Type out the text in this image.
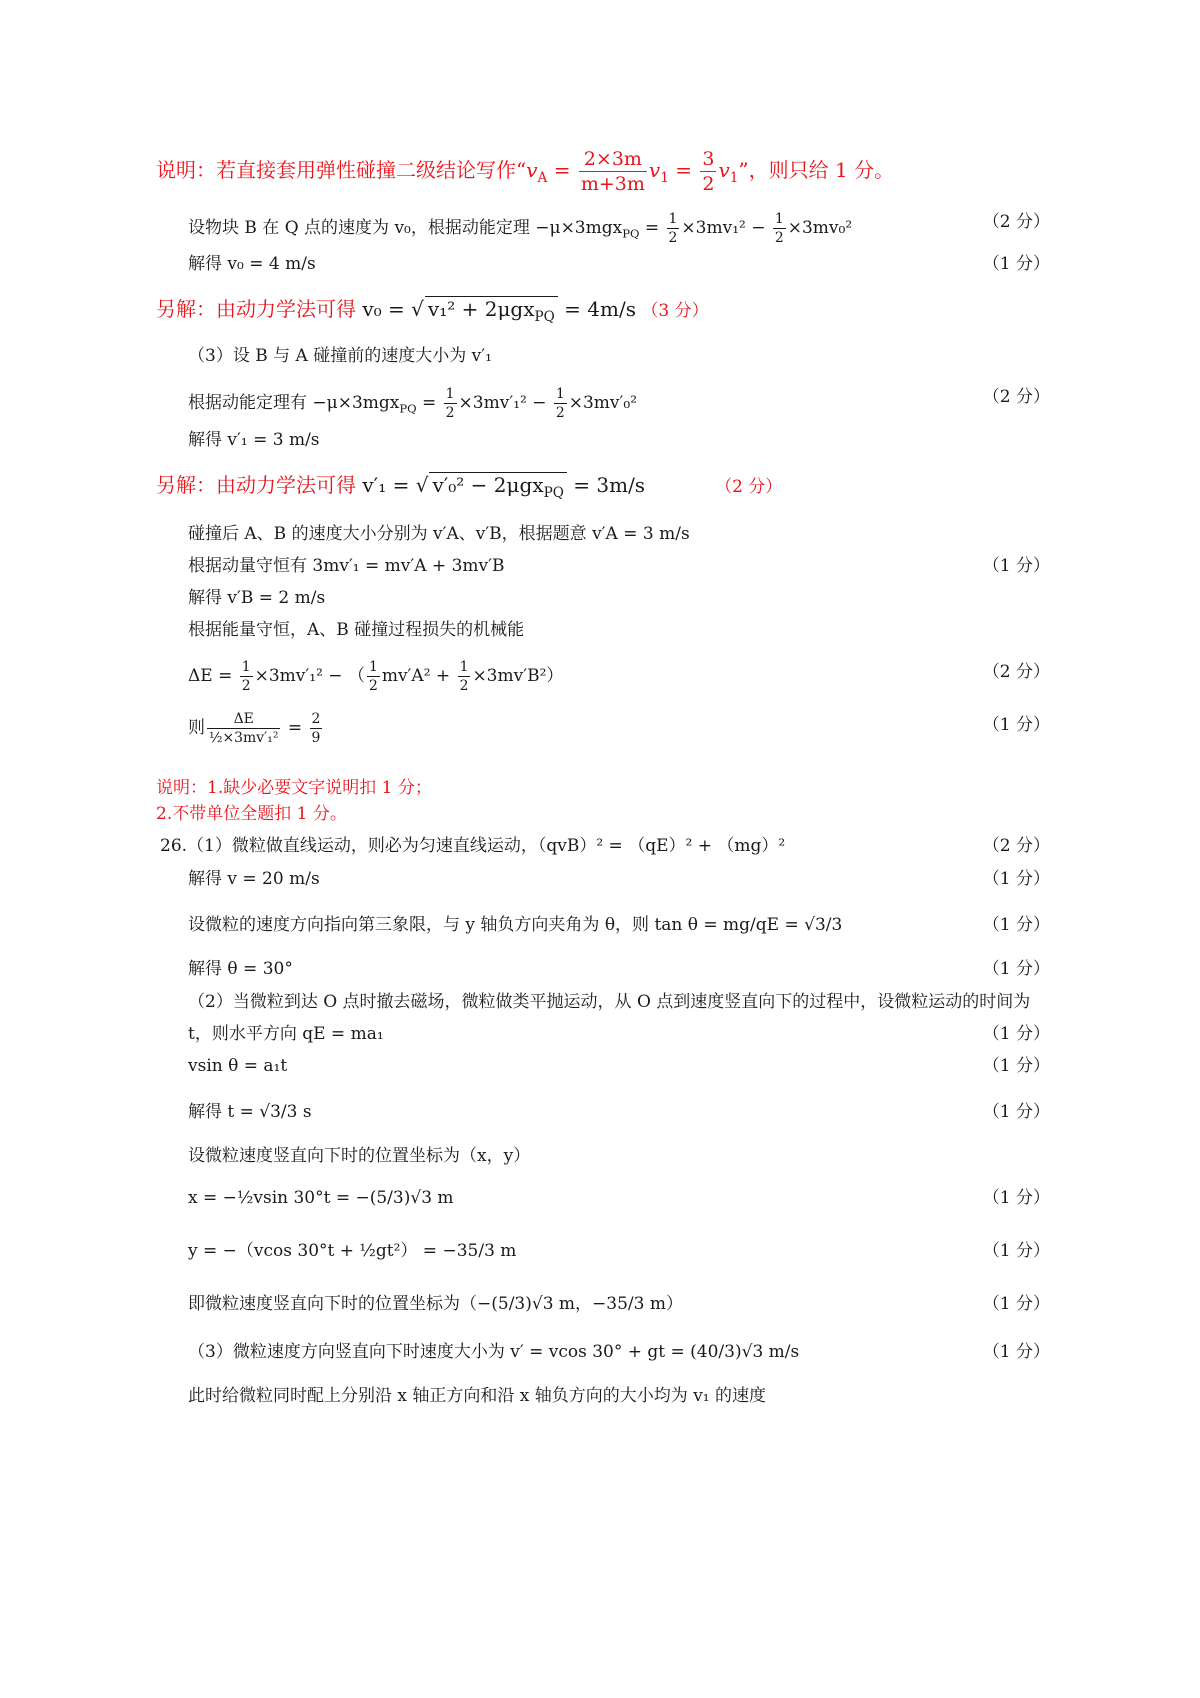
说明：若直接套用弹性碰撞二级结论写作“$v_A = \frac{2\times 3m}{m+3m} v_1 = \frac{3}{2} v_1$”，则只给 1 分。
设物块 B 在 Q 点的速度为 v₀，根据动能定理 $-\mu\times 3mgx_{PQ} = \frac{1}{2} \times 3mv_1^2 - \frac{1}{2} \times 3mv_0^2$	（2 分）
解得 v₀ = 4 m/s	（1 分）
另解：由动力学法可得 v₀ = √ v₁² + 2μgx$_{PQ}$ = 4m/s （3 分）
（3）设 B 与 A 碰撞前的速度大小为 v′₁
根据动能定理有 $-\mu\times 3mgx_{PQ} = \frac{1}{2} \times 3mv'_1^2 - \frac{1}{2} \times 3mv'_0^2$	（2 分）
解得 v′₁ = 3 m/s
另解：由动力学法可得 v′₁ = √ v′₀² − 2μgx$_{PQ}$ = 3m/s	（2 分）
碰撞后 A、B 的速度大小分别为 v′A、v′B，根据题意 v′A = 3 m/s
根据动量守恒有 3mv′₁ = mv′A + 3mv′B	（1 分）
解得 v′B = 2 m/s
根据能量守恒，A、B 碰撞过程损失的机械能
$\Delta E = \frac{1}{2} \times 3mv'_1^2$ − （ $\frac{1}{2} mv'A^2 + \frac{1}{2} \times 3mv'B^2$）	（2 分）
则 $\frac{\Delta E}{\text{½×3mv′₁²}} = \frac{2}{9}$	（1 分）
说明：1.缺少必要文字说明扣 1 分；
2.不带单位全题扣 1 分。
26.（1）微粒做直线运动，则必为匀速直线运动，（qvB）² = （qE）² + （mg）²	（2 分）
解得 v = 20 m/s	（1 分）
设微粒的速度方向指向第三象限，与 y 轴负方向夹角为 θ，则 tan θ = mg/qE = √3/3	（1 分）
解得 θ = 30°	（1 分）
（2）当微粒到达 O 点时撤去磁场，微粒做类平抛运动，从 O 点到速度竖直向下的过程中，设微粒运动的时间为
t，则水平方向 qE = ma₁	（1 分）
vsin θ = a₁t	（1 分）
解得 t = √3/3 s	（1 分）
设微粒速度竖直向下时的位置坐标为（x，y）
x = −½vsin 30°t = −(5/3)√3 m	（1 分）
y = −（vcos 30°t + ½gt²） = −35/3 m	（1 分）
即微粒速度竖直向下时的位置坐标为（−(5/3)√3 m，−35/3 m）	（1 分）
（3）微粒速度方向竖直向下时速度大小为 v′ = vcos 30° + gt = (40/3)√3 m/s	（1 分）
此时给微粒同时配上分别沿 x 轴正方向和沿 x 轴负方向的大小均为 v₁ 的速度
